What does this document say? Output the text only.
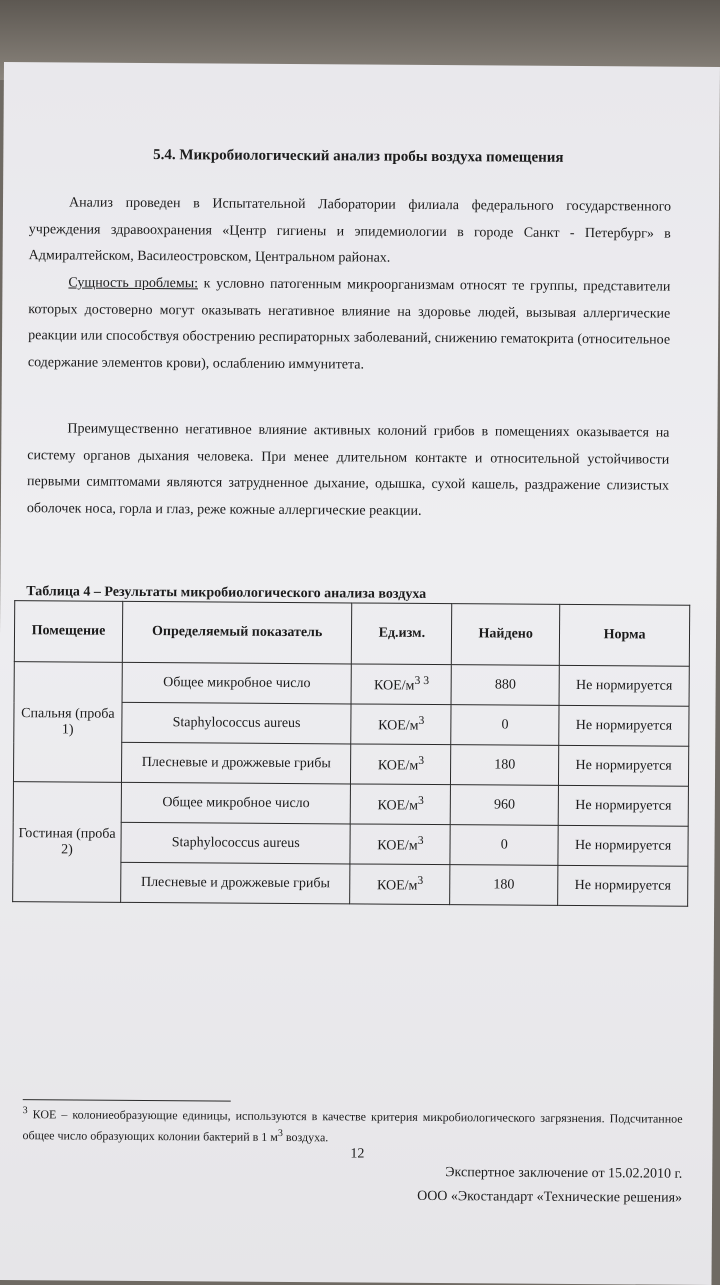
5.4. Микробиологический анализ пробы воздуха помещения
Анализ проведен в Испытательной Лаборатории филиала федерального государственного учреждения здравоохранения «Центр гигиены и эпидемиологии в городе Санкт - Петербург» в Адмиралтейском, Василеостровском, Центральном районах.
Сущность проблемы: к условно патогенным микроорганизмам относят те группы, представители которых достоверно могут оказывать негативное влияние на здоровье людей, вызывая аллергические реакции или способствуя обострению респираторных заболеваний, снижению гематокрита (относительное содержание элементов крови), ослаблению иммунитета.
Преимущественно негативное влияние активных колоний грибов в помещениях оказывается на систему органов дыхания человека. При менее длительном контакте и относительной устойчивости первыми симптомами являются затрудненное дыхание, одышка, сухой кашель, раздражение слизистых оболочек носа, горла и глаз, реже кожные аллергические реакции.
Таблица 4 – Результаты микробиологического анализа воздуха
Помещение	Определяемый показатель	Ед.изм.	Найдено	Норма
Спальня (проба 1)	Общее микробное число	КОЕ/$м^{3 3}$	880	Не нормируется
	Staphylococcus aureus	КОЕ/$м^3$	0	Не нормируется
	Плесневые и дрожжевые грибы	КОЕ/$м^3$	180	Не нормируется
Гостиная (проба 2)	Общее микробное число	КОЕ/$м^3$	960	Не нормируется
	Staphylococcus aureus	КОЕ/$м^3$	0	Не нормируется
	Плесневые и дрожжевые грибы	КОЕ/$м^3$	180	Не нормируется
$^3$ КОЕ – колониеобразующие единицы, используются в качестве критерия микробиологического загрязнения. Подсчитанное общее число образующих колонии бактерий в 1 $м^3$ воздуха.
12
Экспертное заключение от 15.02.2010 г.
ООО «Экостандарт «Технические решения»
